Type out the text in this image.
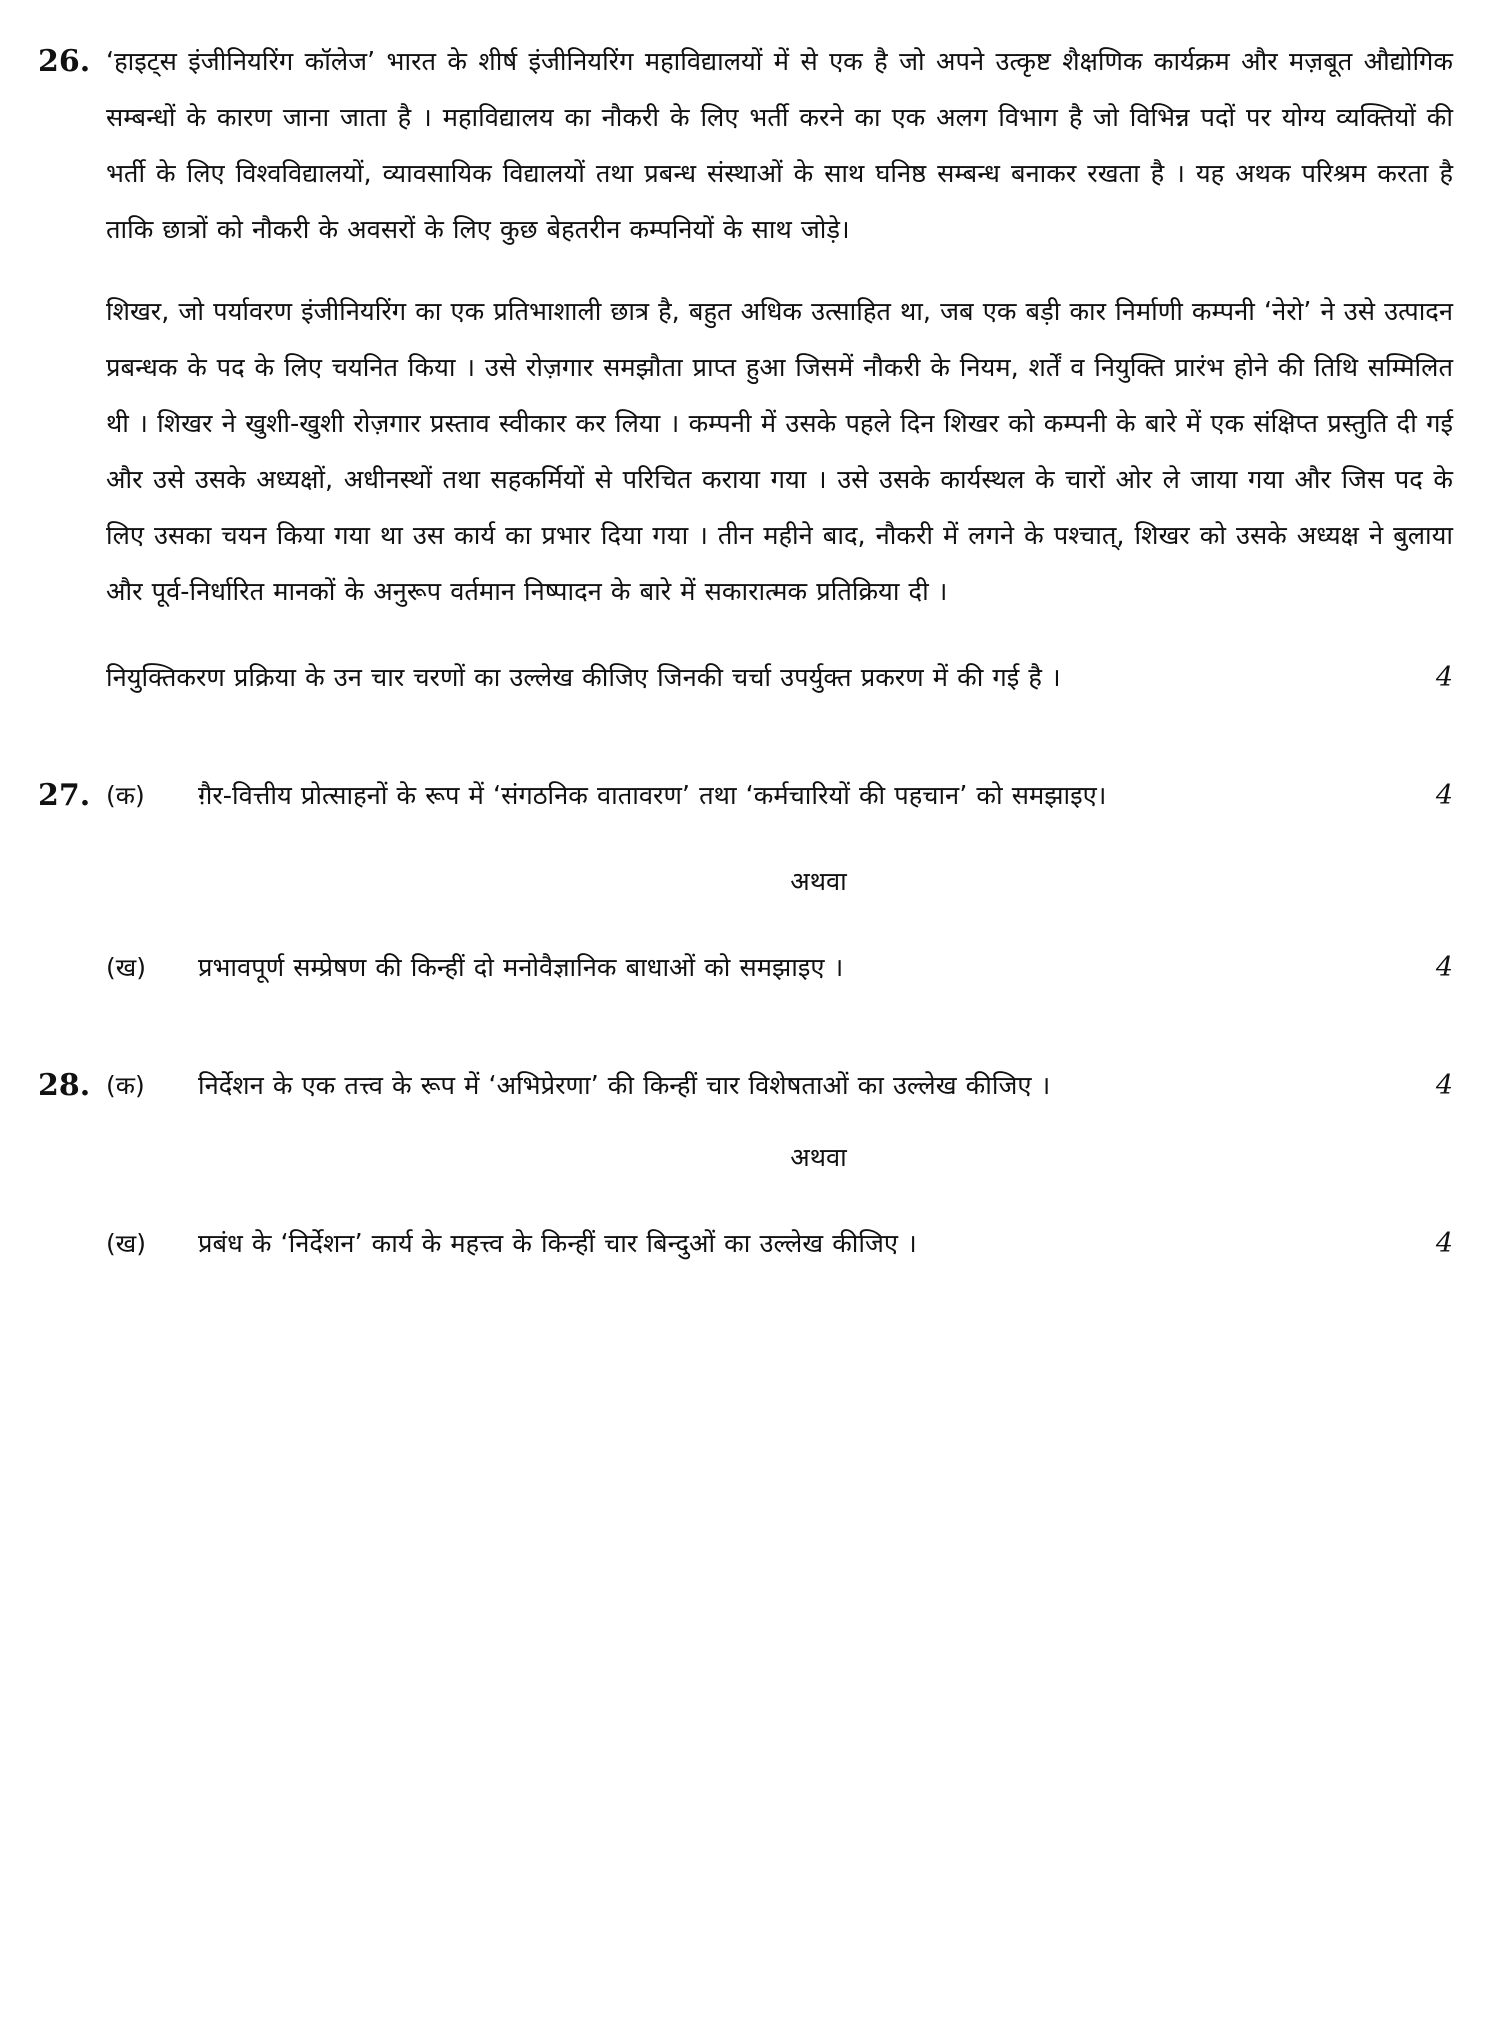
26. ‘हाइट्स इंजीनियरिंग कॉलेज’ भारत के शीर्ष इंजीनियरिंग महाविद्यालयों में से एक है जो अपने उत्कृष्ट शैक्षणिक कार्यक्रम और मज़बूत औद्योगिक सम्बन्धों के कारण जाना जाता है । महाविद्यालय का नौकरी के लिए भर्ती करने का एक अलग विभाग है जो विभिन्न पदों पर योग्य व्यक्तियों की भर्ती के लिए विश्वविद्यालयों, व्यावसायिक विद्यालयों तथा प्रबन्ध संस्थाओं के साथ घनिष्ठ सम्बन्ध बनाकर रखता है । यह अथक परिश्रम करता है ताकि छात्रों को नौकरी के अवसरों के लिए कुछ बेहतरीन कम्पनियों के साथ जोड़े।

शिखर, जो पर्यावरण इंजीनियरिंग का एक प्रतिभाशाली छात्र है, बहुत अधिक उत्साहित था, जब एक बड़ी कार निर्माणी कम्पनी ‘नेरो’ ने उसे उत्पादन प्रबन्धक के पद के लिए चयनित किया । उसे रोज़गार समझौता प्राप्त हुआ जिसमें नौकरी के नियम, शर्तें व नियुक्ति प्रारंभ होने की तिथि सम्मिलित थी । शिखर ने खुशी-खुशी रोज़गार प्रस्ताव स्वीकार कर लिया । कम्पनी में उसके पहले दिन शिखर को कम्पनी के बारे में एक संक्षिप्त प्रस्तुति दी गई और उसे उसके अध्यक्षों, अधीनस्थों तथा सहकर्मियों से परिचित कराया गया । उसे उसके कार्यस्थल के चारों ओर ले जाया गया और जिस पद के लिए उसका चयन किया गया था उस कार्य का प्रभार दिया गया । तीन महीने बाद, नौकरी में लगने के पश्चात्, शिखर को उसके अध्यक्ष ने बुलाया और पूर्व-निर्धारित मानकों के अनुरूप वर्तमान निष्पादन के बारे में सकारात्मक प्रतिक्रिया दी ।

नियुक्तिकरण प्रक्रिया के उन चार चरणों का उल्लेख कीजिए जिनकी चर्चा उपर्युक्त प्रकरण में की गई है ।	4
27. (क)	ग़ैर-वित्तीय प्रोत्साहनों के रूप में ‘संगठनिक वातावरण’ तथा ‘कर्मचारियों की पहचान’ को समझाइए।	4

अथवा

(ख)	प्रभावपूर्ण सम्प्रेषण की किन्हीं दो मनोवैज्ञानिक बाधाओं को समझाइए ।	4
28. (क)	निर्देशन के एक तत्त्व के रूप में ‘अभिप्रेरणा’ की किन्हीं चार विशेषताओं का उल्लेख कीजिए ।	4

अथवा

(ख)	प्रबंध के ‘निर्देशन’ कार्य के महत्त्व के किन्हीं चार बिन्दुओं का उल्लेख कीजिए ।	4
